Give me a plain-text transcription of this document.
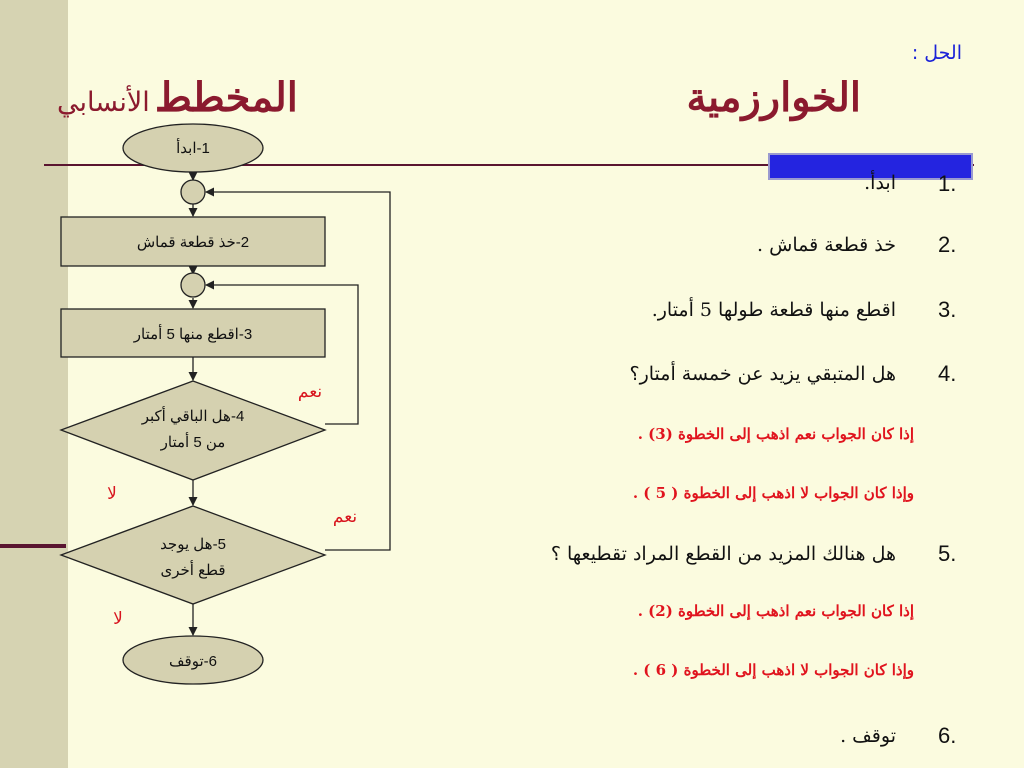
الحل :
الخوارزمية
المخطط الأنسابي
1.
ابدأ.
2.
خذ قطعة قماش .
3.
اقطع منها قطعة طولها 5 أمتار.
4.
هل المتبقي يزيد عن خمسة أمتار؟
إذا كان الجواب نعم اذهب إلى الخطوة (3) .
وإذا كان الجواب لا اذهب إلى الخطوة ( 5 ) .
5.
هل هنالك المزيد من القطع المراد تقطيعها ؟
إذا كان الجواب نعم اذهب إلى الخطوة (2) .
وإذا كان الجواب لا اذهب إلى الخطوة ( 6 ) .
6.
توقف .
1-ابدأ
2-خذ قطعة قماش
3-اقطع منها 5 أمتار
4-هل الباقي أكبر
من 5 أمتار
5-هل يوجد
قطع أخرى
6-توقف
نعم
نعم
لا
لا
